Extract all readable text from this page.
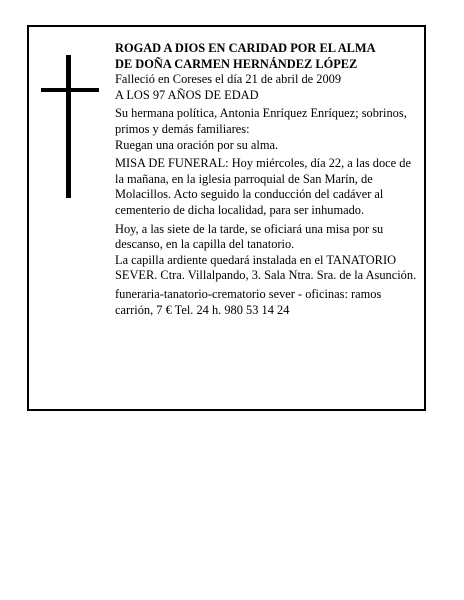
ROGAD A DIOS EN CARIDAD POR EL ALMA

DE DOÑA CARMEN HERNÁNDEZ LÓPEZ

Falleció en Coreses el día 21 de abril de 2009

A LOS 97 AÑOS DE EDAD

Su hermana política, Antonia Enríquez Enríquez; sobrinos, primos y demás familiares:

Ruegan una oración por su alma.

MISA DE FUNERAL: Hoy miércoles, día 22, a las doce de la mañana, en la iglesia parroquial de San Marín, de Molacillos. Acto seguido la conducción del cadáver al cementerio de dicha localidad, para ser inhumado.

Hoy, a las siete de la tarde, se oficiará una misa por su descanso, en la capilla del tanatorio.

La capilla ardiente quedará instalada en el TANATORIO SEVER. Ctra. Villalpando, 3. Sala Ntra. Sra. de la Asunción.

funeraria-tanatorio-crematorio sever - oficinas: ramos carrión, 7 € Tel. 24 h. 980 53 14 24
